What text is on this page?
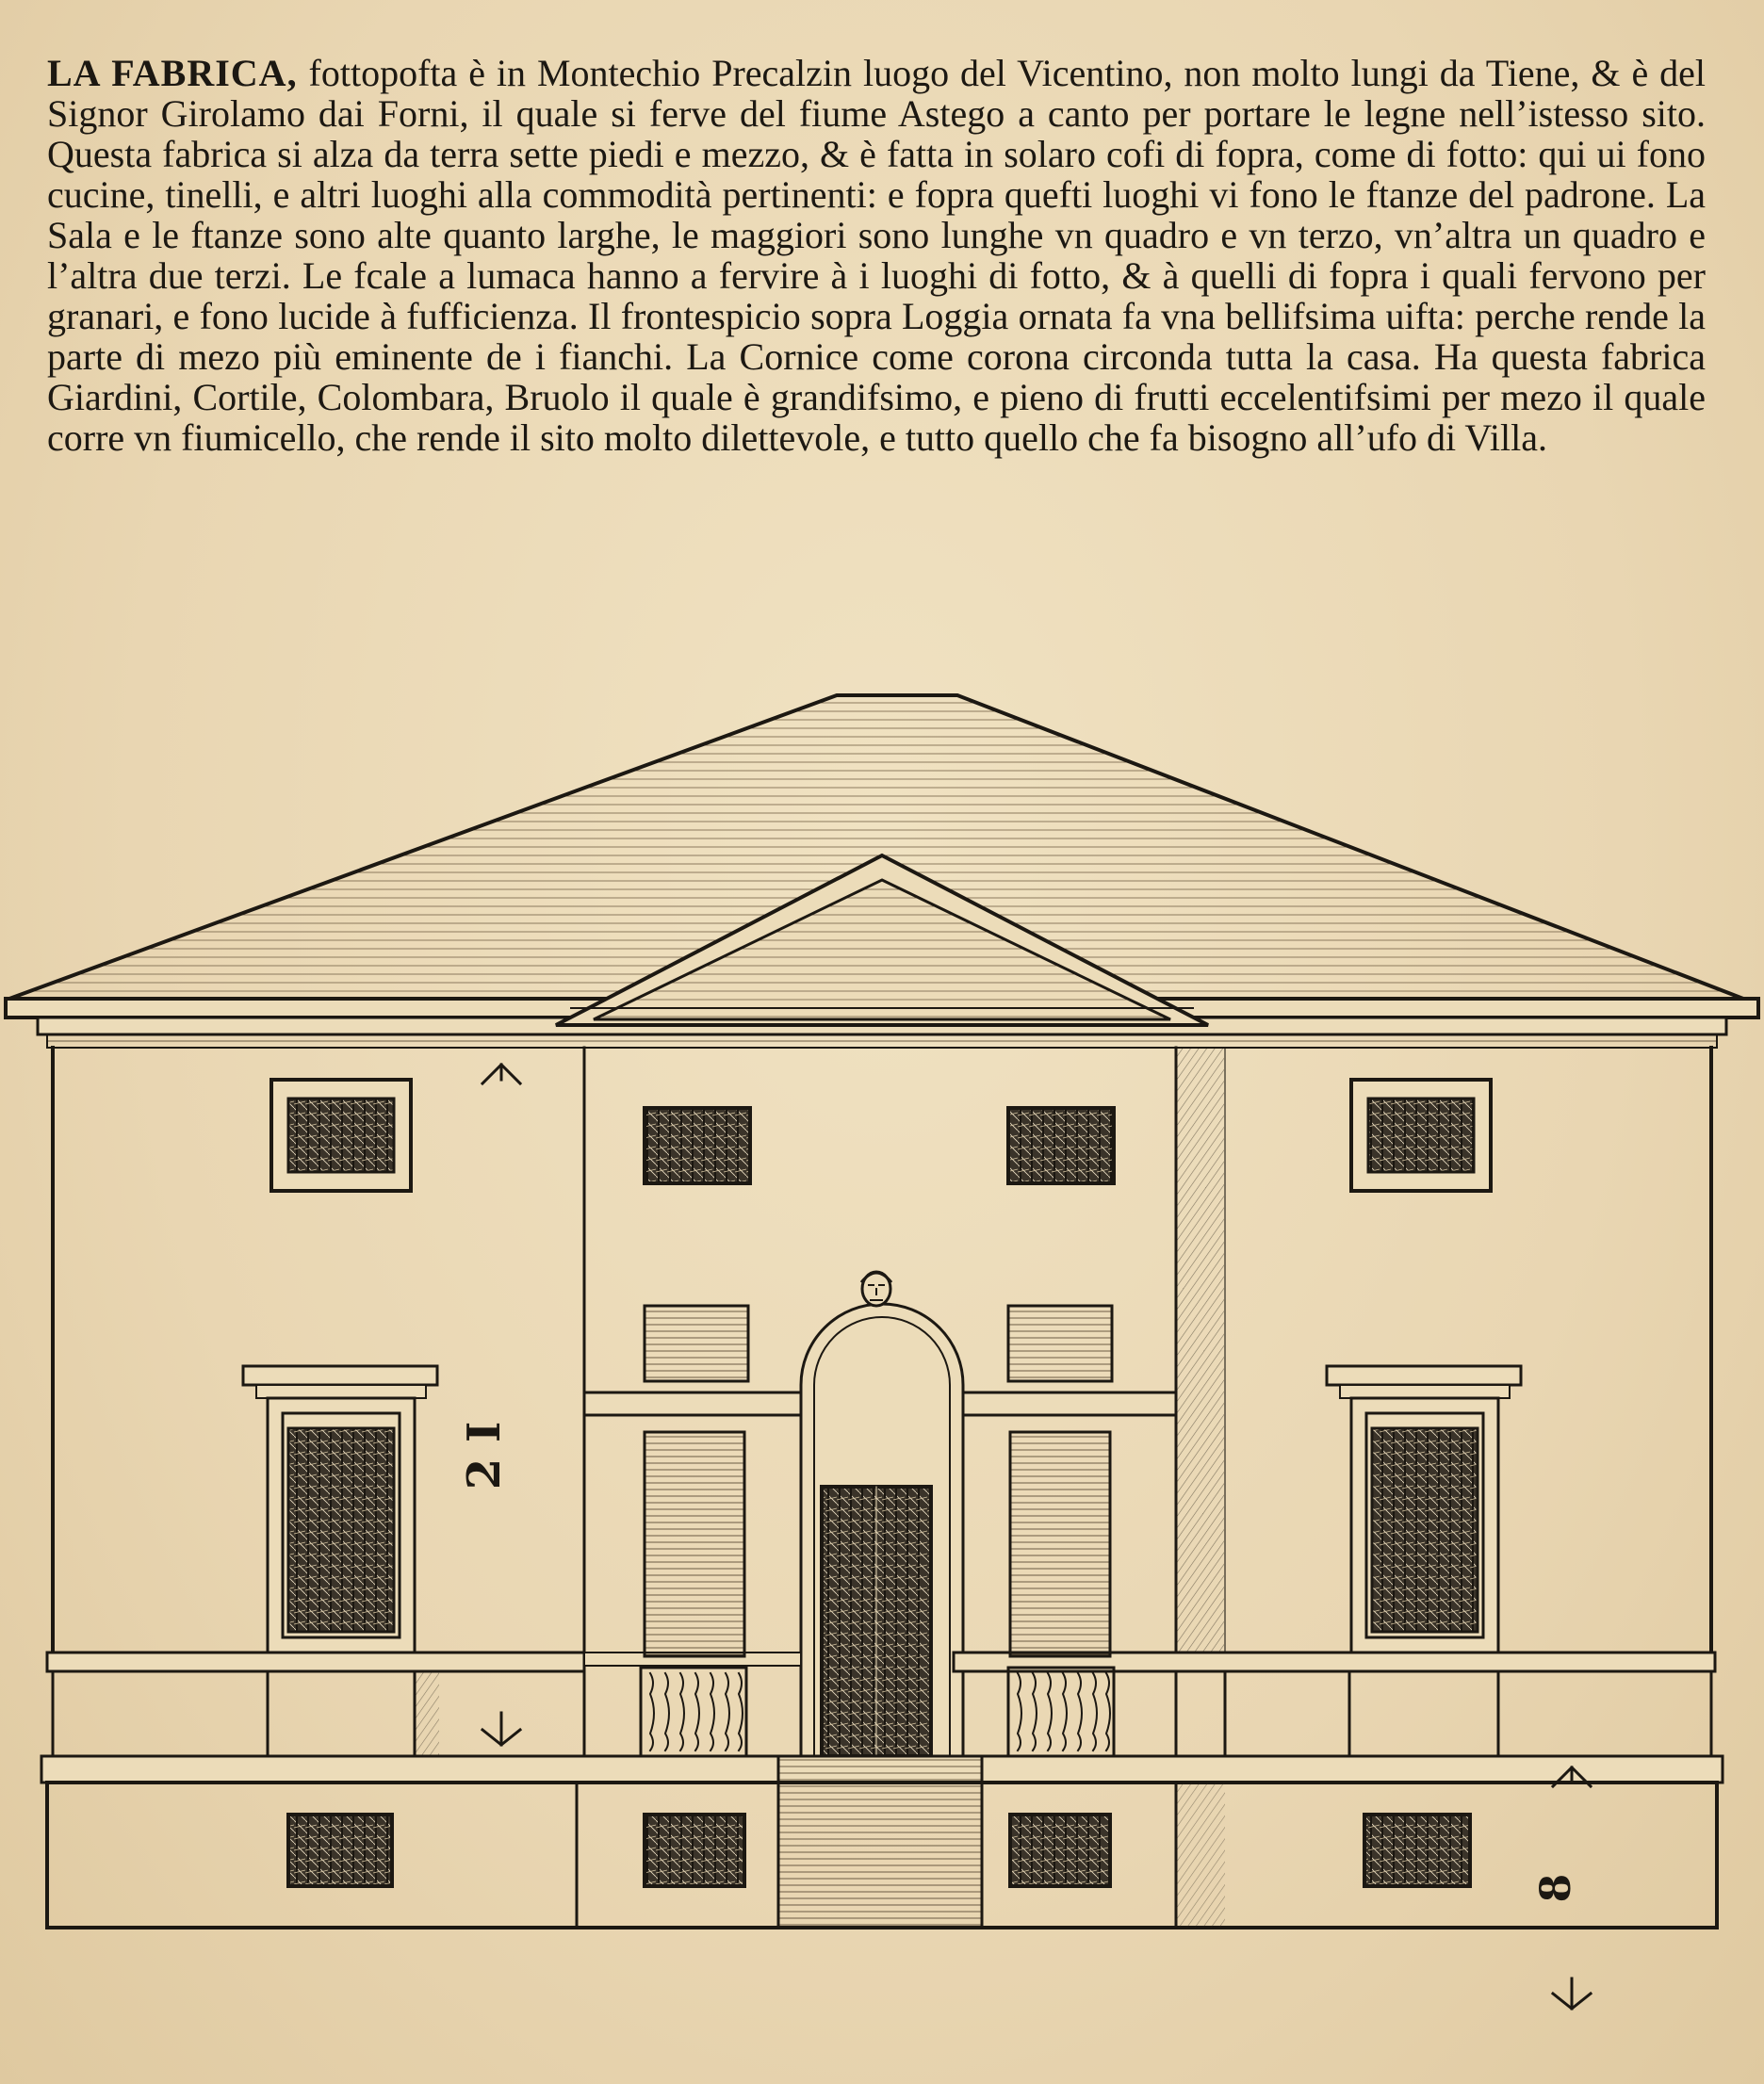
LA FABRICA, fottopofta è in Montechio Precalzin luogo del Vicentino, non molto lungi da Tiene, & è del Signor Girolamo dai Forni, il quale si ferve del fiume Astego a canto per portare le legne nell’istesso sito. Questa fabrica si alza da terra sette piedi e mezzo, & è fatta in solaro cofi di fopra, come di fotto: qui ui fono cucine, tinelli, e altri luoghi alla commodità pertinenti: e fopra quefti luoghi vi fono le ftanze del padrone. La Sala e le ftanze sono alte quanto larghe, le maggiori sono lunghe vn quadro e vn terzo, vn’altra un quadro e l’altra due terzi. Le fcale a lumaca hanno a fervire à i luoghi di fotto, & à quelli di fopra i quali fervono per granari, e fono lucide à fufficienza. Il frontespicio sopra Loggia ornata fa vna bellifsima uifta: perche rende la parte di mezo più eminente de i fianchi. La Cornice come corona circonda tutta la casa. Ha questa fabrica Giardini, Cortile, Colombara, Bruolo il quale è grandifsimo, e pieno di frutti eccelentifsimi per mezo il quale corre vn fiumicello, che rende il sito molto dilettevole, e tutto quello che fa bisogno all’ufo di Villa.
2 I
8
